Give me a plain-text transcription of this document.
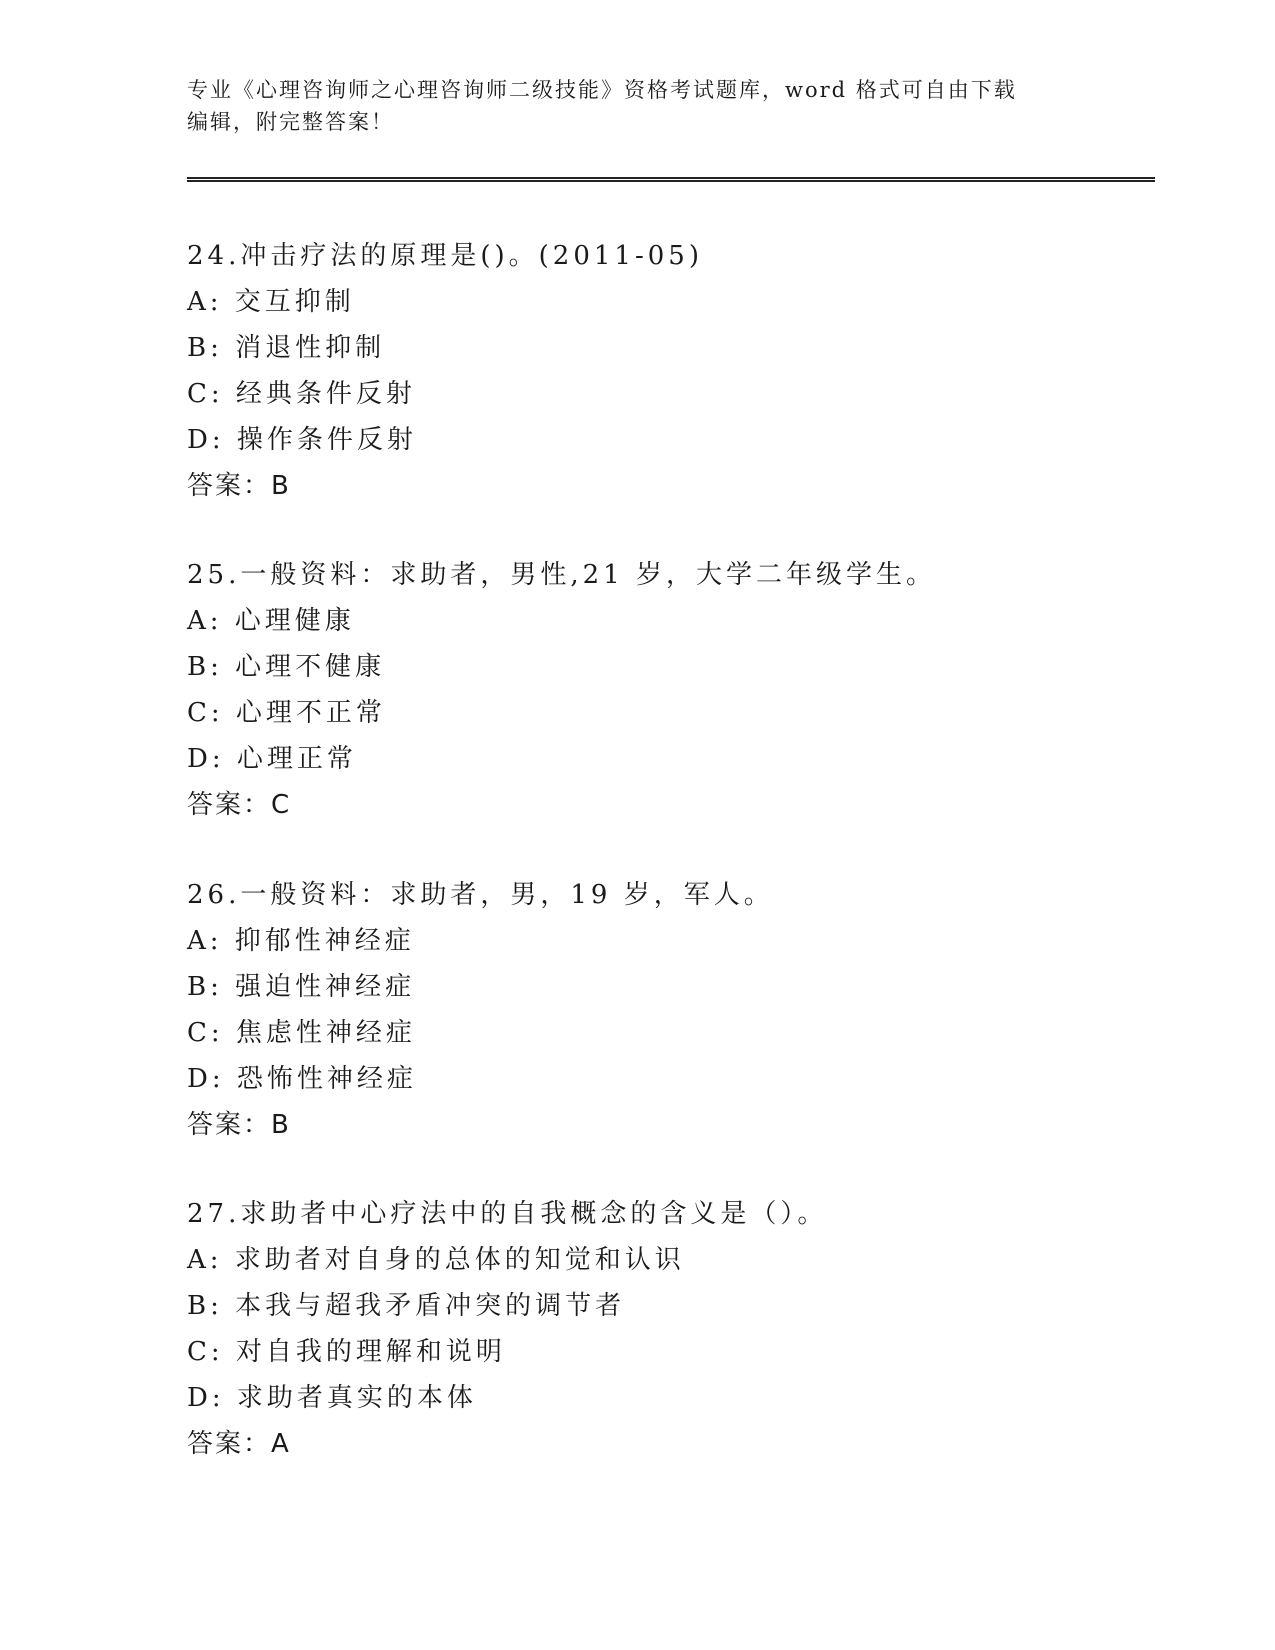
专业《心理咨询师之心理咨询师二级技能》资格考试题库，word 格式可自由下载
编辑，附完整答案！
24.冲击疗法的原理是()。(2011-05)
A: 交互抑制
B: 消退性抑制
C: 经典条件反射
D: 操作条件反射
答案：B
25.一般资料：求助者，男性,21 岁，大学二年级学生。
A: 心理健康
B: 心理不健康
C: 心理不正常
D: 心理正常
答案：C
26.一般资料：求助者，男，19 岁，军人。
A: 抑郁性神经症
B: 强迫性神经症
C: 焦虑性神经症
D: 恐怖性神经症
答案：B
27.求助者中心疗法中的自我概念的含义是（）。
A: 求助者对自身的总体的知觉和认识
B: 本我与超我矛盾冲突的调节者
C: 对自我的理解和说明
D: 求助者真实的本体
答案：A
